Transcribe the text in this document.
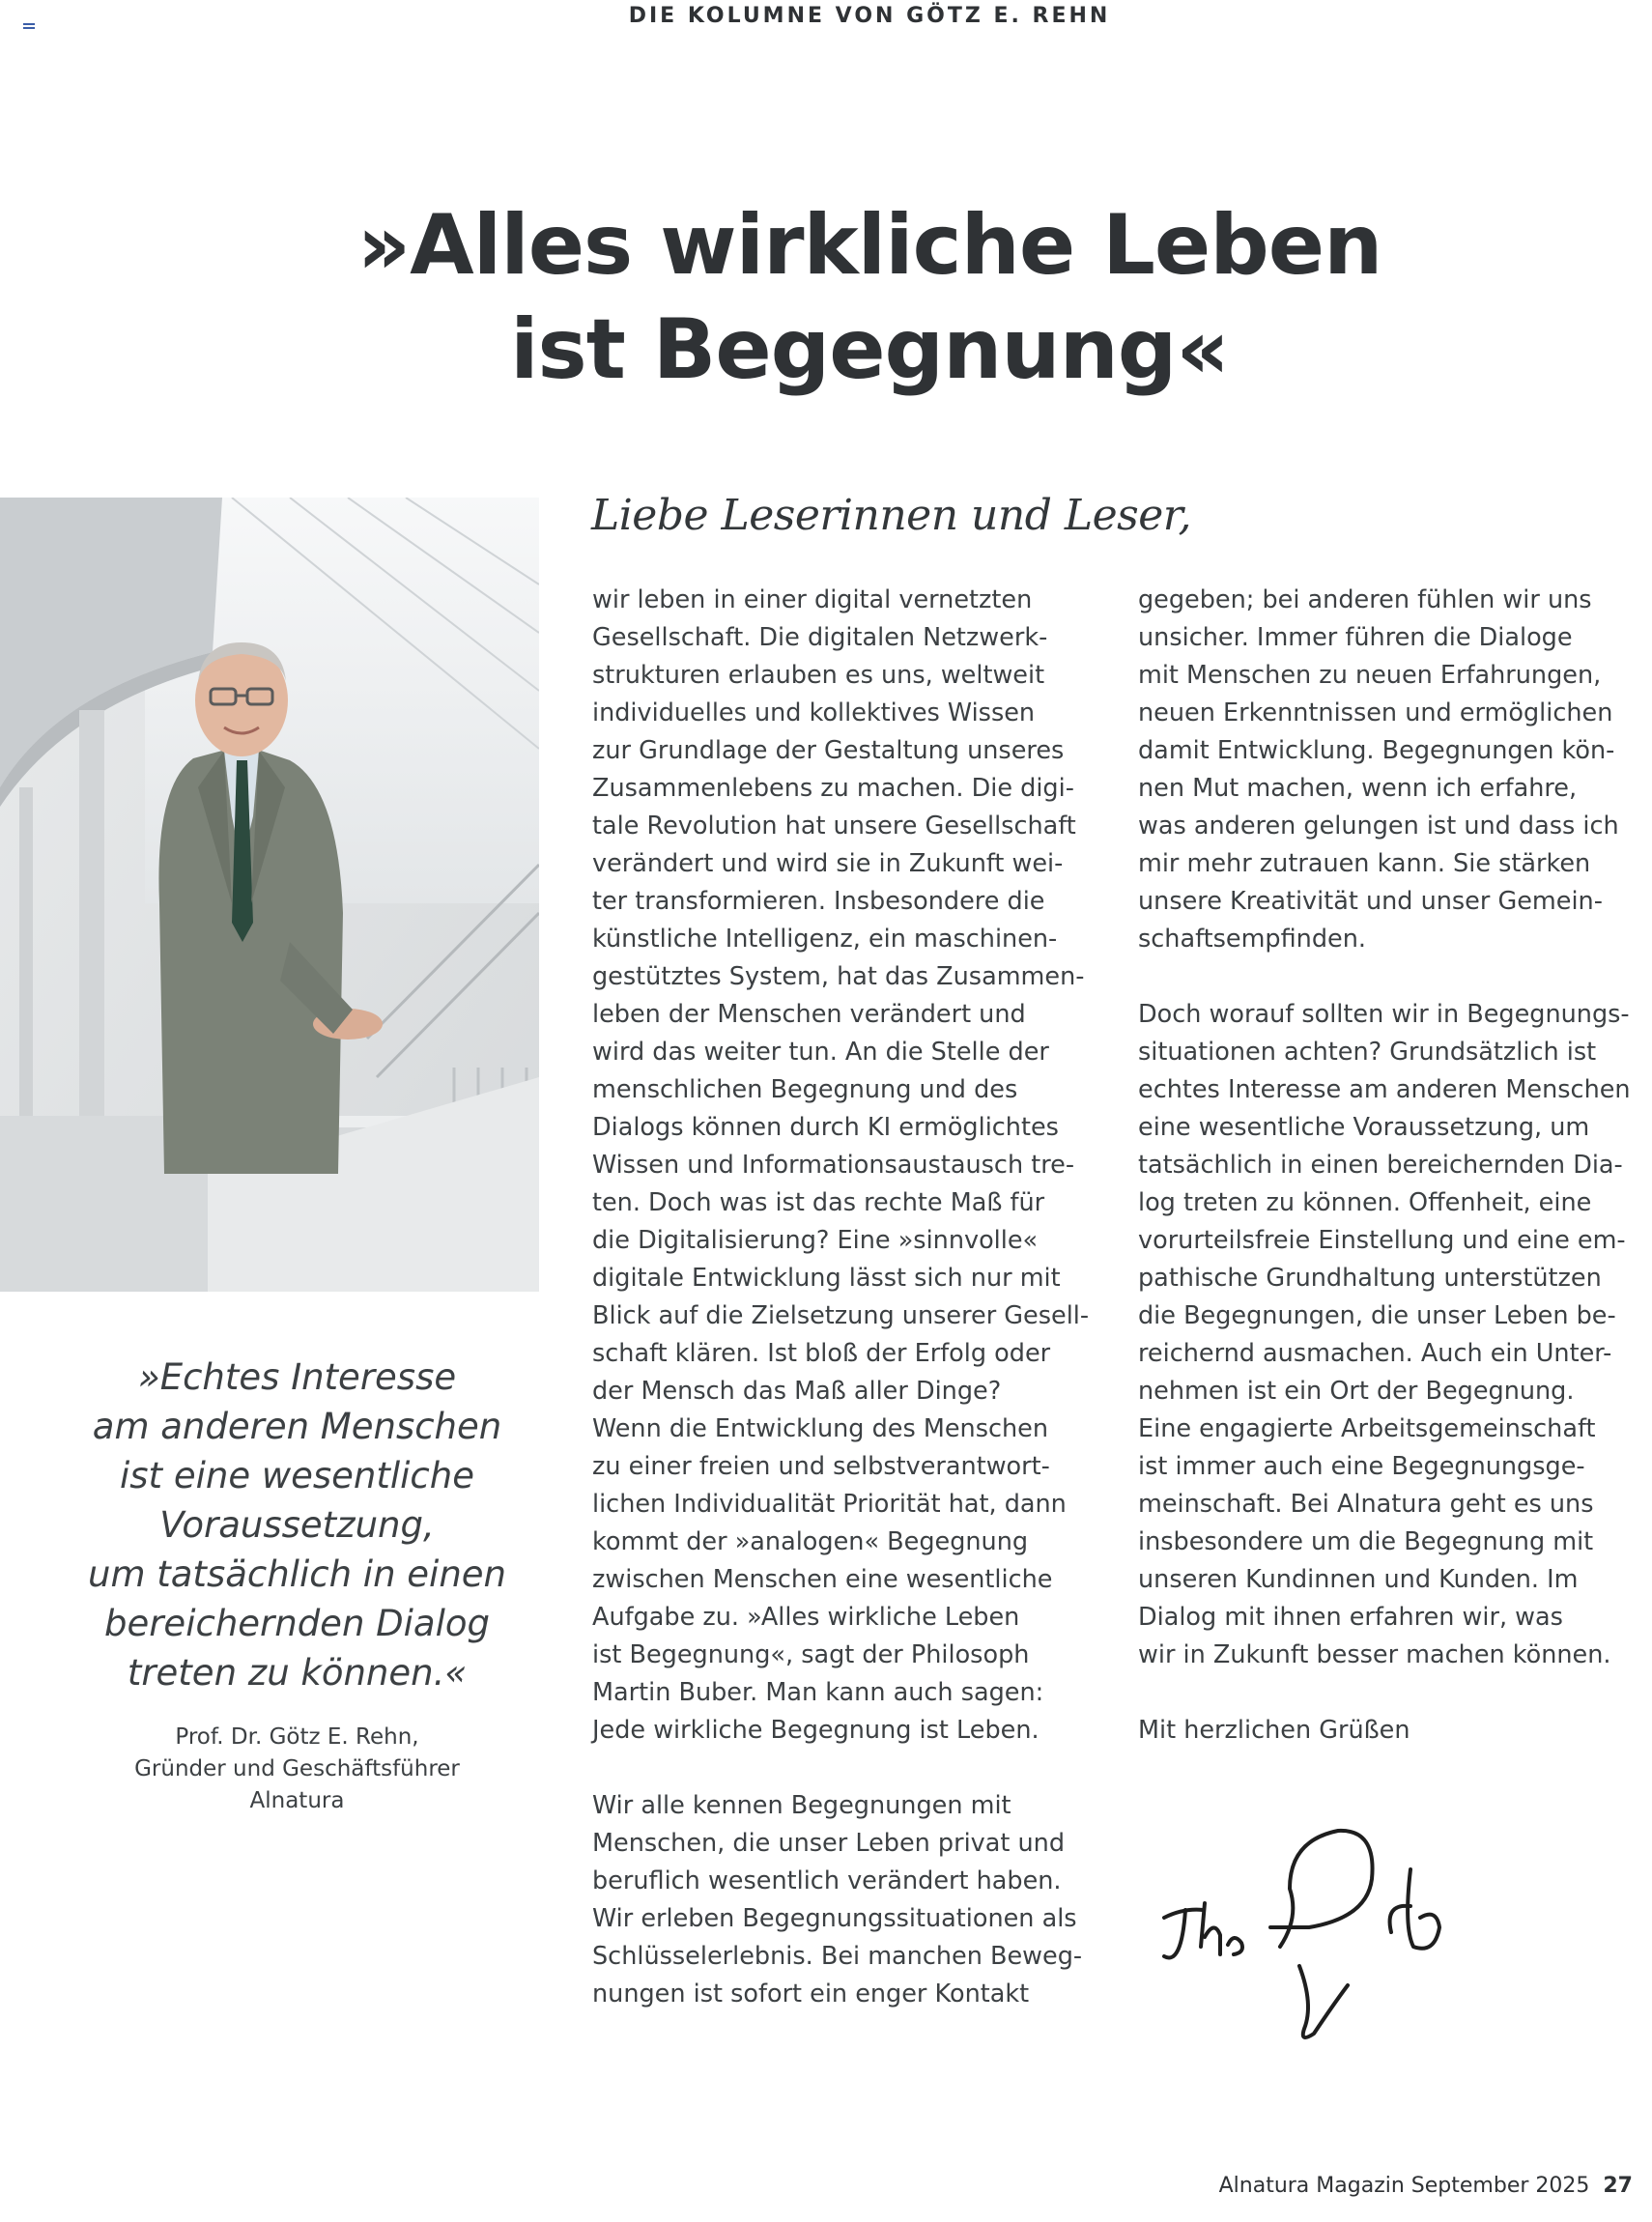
DIE KOLUMNE VON GÖTZ E. REHN
»Alles wirkliche Leben
ist Begegnung«
Liebe Leserinnen und Leser,
wir leben in einer digital vernetzten
Gesellschaft. Die digitalen Netzwerk-
strukturen erlauben es uns, weltweit
individuelles und kollektives Wissen
zur Grundlage der Gestaltung unseres
Zusammenlebens zu machen. Die digi-
tale Revolution hat unsere Gesellschaft
verändert und wird sie in Zukunft wei-
ter transformieren. Insbesondere die
künstliche Intelligenz, ein maschinen-
gestütztes System, hat das Zusammen-
leben der Menschen verändert und
wird das weiter tun. An die Stelle der
menschlichen Begegnung und des
Dialogs können durch KI ermöglichtes
Wissen und Informationsaustausch tre-
ten. Doch was ist das rechte Maß für
die Digitalisierung? Eine »sinnvolle«
digitale Entwicklung lässt sich nur mit
Blick auf die Zielsetzung unserer Gesell-
schaft klären. Ist bloß der Erfolg oder
der Mensch das Maß aller Dinge?
Wenn die Entwicklung des Menschen
zu einer freien und selbstverantwort-
lichen Individualität Priorität hat, dann
kommt der »analogen« Begegnung
zwischen Menschen eine wesentliche
Aufgabe zu. »Alles wirkliche Leben
ist Begegnung«, sagt der Philosoph
Martin Buber. Man kann auch sagen:
Jede wirkliche Begegnung ist Leben.
Wir alle kennen Begegnungen mit
Menschen, die unser Leben privat und
beruflich wesentlich verändert haben.
Wir erleben Begegnungssituationen als
Schlüsselerlebnis. Bei manchen Beweg-
nungen ist sofort ein enger Kontakt
gegeben; bei anderen fühlen wir uns
unsicher. Immer führen die Dialoge
mit Menschen zu neuen Erfahrungen,
neuen Erkenntnissen und ermöglichen
damit Entwicklung. Begegnungen kön-
nen Mut machen, wenn ich erfahre,
was anderen gelungen ist und dass ich
mir mehr zutrauen kann. Sie stärken
unsere Kreativität und unser Gemein-
schaftsempfinden.
Doch worauf sollten wir in Begegnungs-
situationen achten? Grundsätzlich ist
echtes Interesse am anderen Menschen
eine wesentliche Voraussetzung, um
tatsächlich in einen bereichernden Dia-
log treten zu können. Offenheit, eine
vorurteilsfreie Einstellung und eine em-
pathische Grundhaltung unterstützen
die Begegnungen, die unser Leben be-
reichernd ausmachen. Auch ein Unter-
nehmen ist ein Ort der Begegnung.
Eine engagierte Arbeitsgemeinschaft
ist immer auch eine Begegnungsge-
meinschaft. Bei Alnatura geht es uns
insbesondere um die Begegnung mit
unseren Kundinnen und Kunden. Im
Dialog mit ihnen erfahren wir, was
wir in Zukunft besser machen können.
Mit herzlichen Grüßen
»Echtes Interesse
am anderen Menschen
ist eine wesentliche
Voraussetzung,
um tatsächlich in einen
bereichernden Dialog
treten zu können.«
Prof. Dr. Götz E. Rehn,
Gründer und Geschäftsführer
Alnatura
Alnatura Magazin September 2025 27
